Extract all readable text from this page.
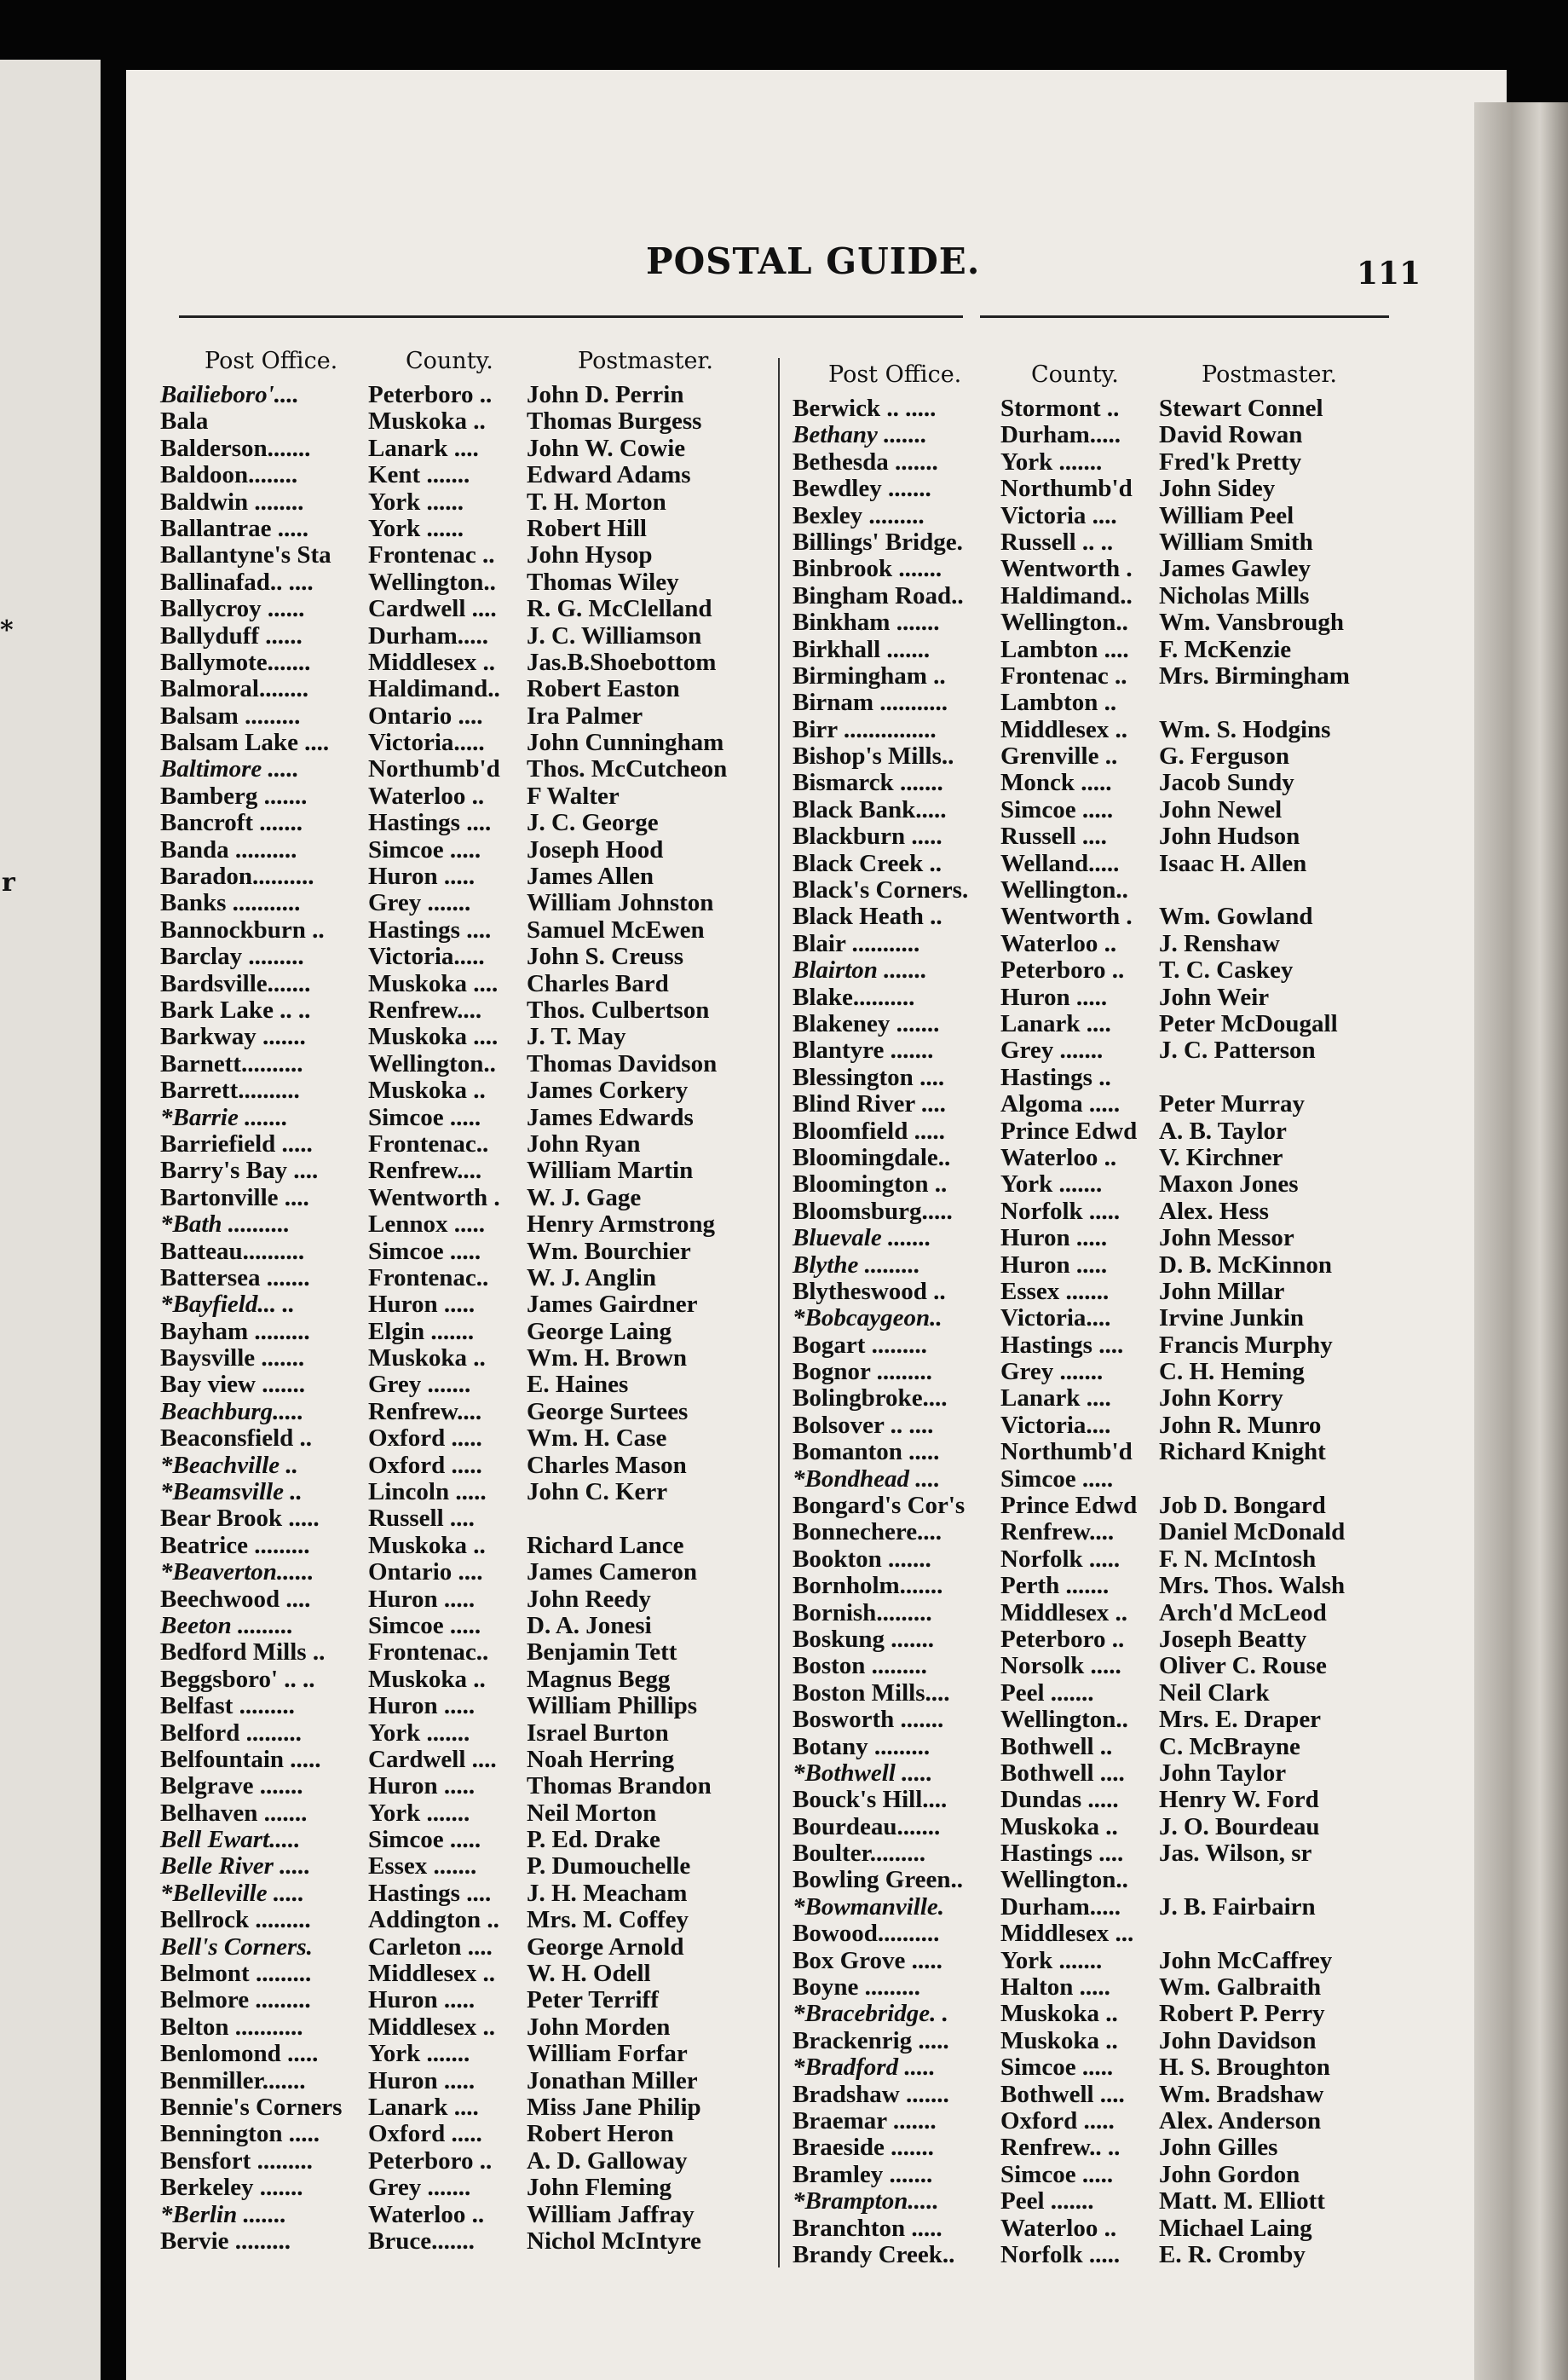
*
r
POSTAL GUIDE.	111
Post Office.	County.	Postmaster.
Bailieboro'....	Peterboro .. John D. Perrin
Bala	Muskoka .. Thomas Burgess
Balderson....... Lanark .... John W. Cowie
Baldoon........	Kent ....... Edward Adams
Baldwin ........	York ......	T. H. Morton
Ballantrae ..... York ......	Robert Hill
Ballantyne's Sta Frontenac .. John Hysop
Ballinafad.. .... Wellington.. Thomas Wiley
Ballycroy ......	Cardwell .... R. G. McClelland
Ballyduff ......	Durham..... J. C. Williamson
Ballymote....... Middlesex .. Jas.B.Shoebottom
Balmoral........ Haldimand.. Robert Easton
Balsam .........	Ontario .... Ira Palmer
Balsam Lake .... Victoria..... John Cunningham
Baltimore .....	Northumb'd Thos. McCutcheon
Bamberg ....... Waterloo .. F Walter
Bancroft .......	Hastings .... J. C. George
Banda ..........	Simcoe ..... Joseph Hood
Baradon.......... Huron ..... James Allen
Banks ...........	Grey ....... William Johnston
Bannockburn .. Hastings .... Samuel McEwen
Barclay .........	Victoria..... John S. Creuss
Bardsville....... Muskoka .... Charles Bard
Bark Lake .. .. Renfrew.... Thos. Culbertson
Barkway .......	Muskoka .... J. T. May
Barnett..........	Wellington.. Thomas Davidson
Barrett..........	Muskoka .. James Corkery
*Barrie .......	Simcoe ..... James Edwards
Barriefield ..... Frontenac.. John Ryan
Barry's Bay .... Renfrew.... William Martin
Bartonville .... Wentworth . W. J. Gage
*Bath ..........	Lennox ..... Henry Armstrong
Batteau..........	Simcoe ..... Wm. Bourchier
Battersea ....... Frontenac.. W. J. Anglin
*Bayfield... ..	Huron ..... James Gairdner
Bayham ......... Elgin ....... George Laing
Baysville .......	Muskoka .. Wm. H. Brown
Bay view .......	Grey ....... E. Haines
Beachburg.....	Renfrew.... George Surtees
Beaconsfield .. Oxford ..... Wm. H. Case
*Beachville ..	Oxford ..... Charles Mason
*Beamsville ..	Lincoln ..... John C. Kerr
Bear Brook ..... Russell ....
Beatrice ......... Muskoka .. Richard Lance
*Beaverton...... Ontario .... James Cameron
Beechwood .... Huron ..... John Reedy
Beeton .........	Simcoe ..... D. A. Jonesi
Bedford Mills .. Frontenac.. Benjamin Tett
Beggsboro' .. .. Muskoka .. Magnus Begg
Belfast .........	Huron ..... William Phillips
Belford .........	York ....... Israel Burton
Belfountain ..... Cardwell .... Noah Herring
Belgrave .......	Huron ..... Thomas Brandon
Belhaven ....... York ....... Neil Morton
Bell Ewart.....	Simcoe ..... P. Ed. Drake
Belle River ..... Essex ....... P. Dumouchelle
*Belleville .....	Hastings .... J. H. Meacham
Bellrock ......... Addington .. Mrs. M. Coffey
Bell's Corners. Carleton .... George Arnold
Belmont ......... Middlesex .. W. H. Odell
Belmore ......... Huron ..... Peter Terriff
Belton ...........	Middlesex .. John Morden
Benlomond ..... York ....... William Forfar
Benmiller.......	Huron ..... Jonathan Miller
Bennie's Corners Lanark .... Miss Jane Philip
Bennington ..... Oxford ..... Robert Heron
Bensfort ......... Peterboro .. A. D. Galloway
Berkeley .......	Grey ....... John Fleming
*Berlin .......	Waterloo .. William Jaffray
Bervie .........	Bruce....... Nichol McIntyre
Post Office.	County.	Postmaster.
Berwick .. .....	Stormont .. Stewart Connel
Bethany .......	Durham..... David Rowan
Bethesda .......	York ....... Fred'k Pretty
Bewdley .......	Northumb'd John Sidey
Bexley .........	Victoria .... William Peel
Billings' Bridge. Russell .. .. William Smith
Binbrook ....... Wentworth . James Gawley
Bingham Road.. Haldimand.. Nicholas Mills
Binkham ....... Wellington.. Wm. Vansbrough
Birkhall .......	Lambton .... F. McKenzie
Birmingham .. Frontenac .. Mrs. Birmingham
Birnam ........... Lambton ..
Birr ...............	Middlesex .. Wm. S. Hodgins
Bishop's Mills.. Grenville .. G. Ferguson
Bismarck ....... Monck ..... Jacob Sundy
Black Bank..... Simcoe ..... John Newel
Blackburn ..... Russell .... John Hudson
Black Creek .. Welland..... Isaac H. Allen
Black's Corners. Wellington..
Black Heath .. Wentworth . Wm. Gowland
Blair ...........	Waterloo .. J. Renshaw
Blairton .......	Peterboro .. T. C. Caskey
Blake..........	Huron ..... John Weir
Blakeney ....... Lanark .... Peter McDougall
Blantyre .......	Grey ....... J. C. Patterson
Blessington .... Hastings ..
Blind River .... Algoma ..... Peter Murray
Bloomfield ..... Prince Edwd A. B. Taylor
Bloomingdale.. Waterloo .. V. Kirchner
Bloomington .. York ....... Maxon Jones
Bloomsburg..... Norfolk ..... Alex. Hess
Bluevale .......	Huron ..... John Messor
Blythe .........	Huron ..... D. B. McKinnon
Blytheswood .. Essex ....... John Millar
*Bobcaygeon.. Victoria.... Irvine Junkin
Bogart .........	Hastings .... Francis Murphy
Bognor .........	Grey ....... C. H. Heming
Bolingbroke.... Lanark .... John Korry
Bolsover .. ....	Victoria.... John R. Munro
Bomanton ..... Northumb'd Richard Knight
*Bondhead .... Simcoe .....
Bongard's Cor's Prince Edwd Job D. Bongard
Bonnechere.... Renfrew.... Daniel McDonald
Bookton .......	Norfolk ..... F. N. McIntosh
Bornholm....... Perth ....... Mrs. Thos. Walsh
Bornish.........	Middlesex .. Arch'd McLeod
Boskung .......	Peterboro .. Joseph Beatty
Boston .........	Norsolk ..... Oliver C. Rouse
Boston Mills.... Peel .......	Neil Clark
Bosworth ....... Wellington.. Mrs. E. Draper
Botany .........	Bothwell .. C. McBrayne
*Bothwell .....	Bothwell .... John Taylor
Bouck's Hill.... Dundas ..... Henry W. Ford
Bourdeau....... Muskoka .. J. O. Bourdeau
Boulter.........	Hastings .... Jas. Wilson, sr
Bowling Green.. Wellington..
*Bowmanville. Durham..... J. B. Fairbairn
Bowood.......... Middlesex ...
Box Grove ..... York ....... John McCaffrey
Boyne .........	Halton ..... Wm. Galbraith
*Bracebridge. . Muskoka .. Robert P. Perry
Brackenrig ..... Muskoka .. John Davidson
*Bradford .....	Simcoe ..... H. S. Broughton
Bradshaw ....... Bothwell .... Wm. Bradshaw
Braemar .......	Oxford ..... Alex. Anderson
Braeside .......	Renfrew.. .. John Gilles
Bramley .......	Simcoe ..... John Gordon
*Brampton..... Peel .......	Matt. M. Elliott
Branchton ..... Waterloo .. Michael Laing
Brandy Creek.. Norfolk ..... E. R. Cromby
